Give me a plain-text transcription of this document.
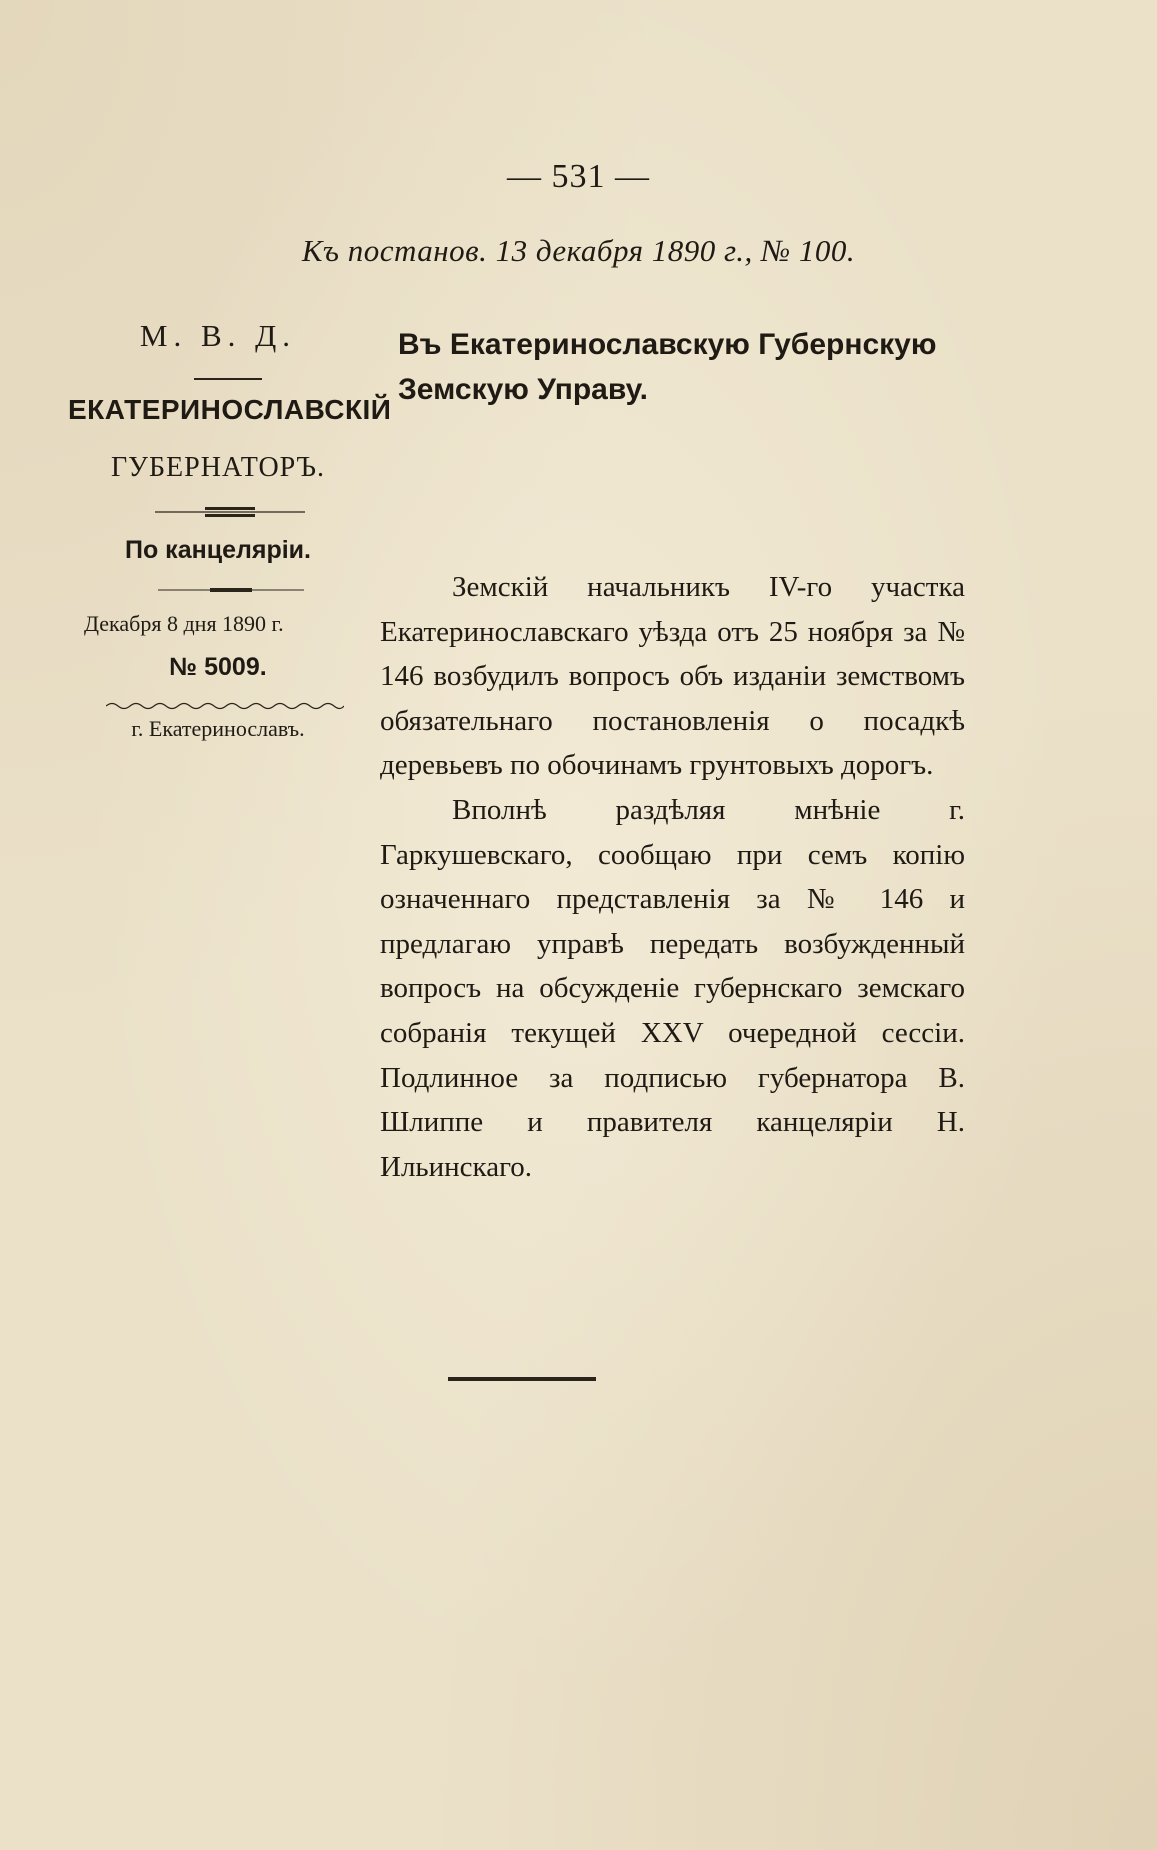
— 531 —
Къ постанов. 13 декабря 1890 г., № 100.
М. В. Д.
ЕКАТЕРИНОСЛАВСКІЙ
ГУБЕРНАТОРЪ.
По канцеляріи.
Декабря 8 дня 1890 г.
№ 5009.
г. Екатеринославъ.
Въ Екатеринославскую Губернскую Земскую Управу.

Земскій начальникъ IV-го участка Екатеринославскаго уѣзда отъ 25 ноября за № 146 возбудилъ вопросъ объ изданіи земствомъ обязательнаго постановленія о посадкѣ деревьевъ по обочинамъ грунтовыхъ дорогъ.

Вполнѣ раздѣляя мнѣніе г. Гаркушевскаго, сообщаю при семъ копію означеннаго представленія за № 146 и предлагаю управѣ передать возбужденный вопросъ на обсужденіе губернскаго земскаго собранія текущей XXV очередной сессіи. Подлинное за подписью губернатора В. Шлиппе и правителя канцеляріи Н. Ильинскаго.
